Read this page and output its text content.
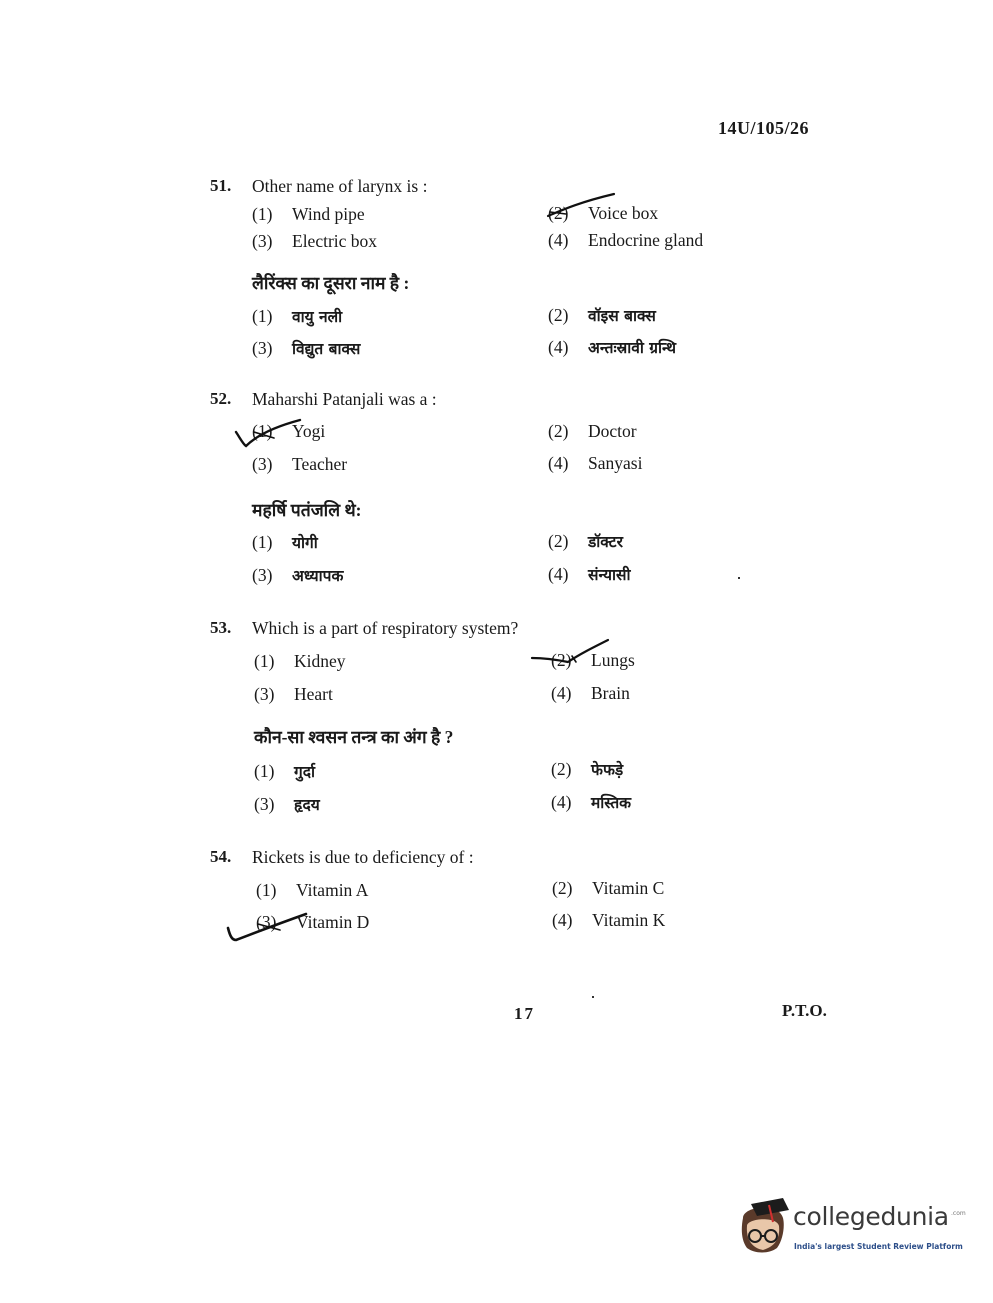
14U/105/26
51. Other name of larynx is :
(1) Wind pipe	(2) Voice box
(3) Electric box	(4) Endocrine gland
लैरिंक्स का दूसरा नाम है :
(1) वायु नली	(2) वॉइस बाक्स
(3) विद्युत बाक्स	(4) अन्तःस्रावी ग्रन्थि
52. Maharshi Patanjali was a :
(1) Yogi	(2) Doctor
(3) Teacher	(4) Sanyasi
महर्षि पतंजलि थे:
(1) योगी	(2) डॉक्टर
(3) अध्यापक	(4) संन्यासी
53. Which is a part of respiratory system?
(1) Kidney	(2) Lungs
(3) Heart	(4) Brain
कौन-सा श्वसन तन्त्र का अंग है ?
(1) गुर्दा	(2) फेफड़े
(3) हृदय	(4) मस्तिक
54. Rickets is due to deficiency of :
(1) Vitamin A	(2) Vitamin C
(3) Vitamin D	(4) Vitamin K
17	P.T.O.
collegedunia .com
India's largest Student Review Platform
